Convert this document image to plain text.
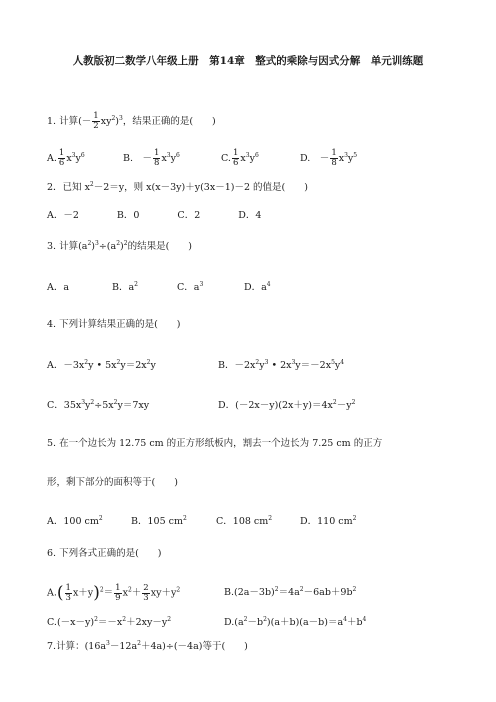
人教版初二数学八年级上册　第14章　整式的乘除与因式分解　单元训练题
1. 计算(－ $\frac{1}{2} xy^2)^3$，结果正确的是(　　)
A. $\frac{1}{6} x^3y^6$	B.　－ $\frac{1}{8} x^3y^6$	C. $\frac{1}{6} x^3y^6$	D.　－ $\frac{1}{8} x^3y^5$
2．已知 $x^2-2=y$，则 x(x－3y)＋y(3x－1)－2 的值是(　　)
A．－2　　　　B．0　　　　C．2　　　　D．4
3. 计算$(a^2)^3\div(a^2)^2$的结果是(　　)
A．a	B．$a^2$	C．$a^3$	D．$a^4$
4. 下列计算结果正确的是(　　)
A．$-3x^2y$ • $5x^2y=2x^2y$	B．$-2x^2y^3$ • $2x^3y=-2x^5y^4$
C．$35x^3y^2\div 5x^2y=7xy$	D．$(-2x-y)(2x+y)=4x^2-y^2$
5. 在一个边长为 12.75 cm 的正方形纸板内，割去一个边长为 7.25 cm 的正方
形，剩下部分的面积等于(　　)
A．100 $cm^2$	B．105 $cm^2$	C．108 $cm^2$	D．110 $cm^2$
6. 下列各式正确的是(　　)
$A.( \frac{1}{3} x+y)^2= \frac{1}{9} x^2+ \frac{2}{3} xy+y^2$	$B.(2a-3b)^2=4a^2-6ab+9b^2$
$C.(-x-y)^2=-x^2+2xy-y^2$	$D.(a^2-b^2)(a+b)(a-b)=a^4+b^4$
7.计算：$(16a^3-12a^2+4a)\div(-4a)$等于(　　)
